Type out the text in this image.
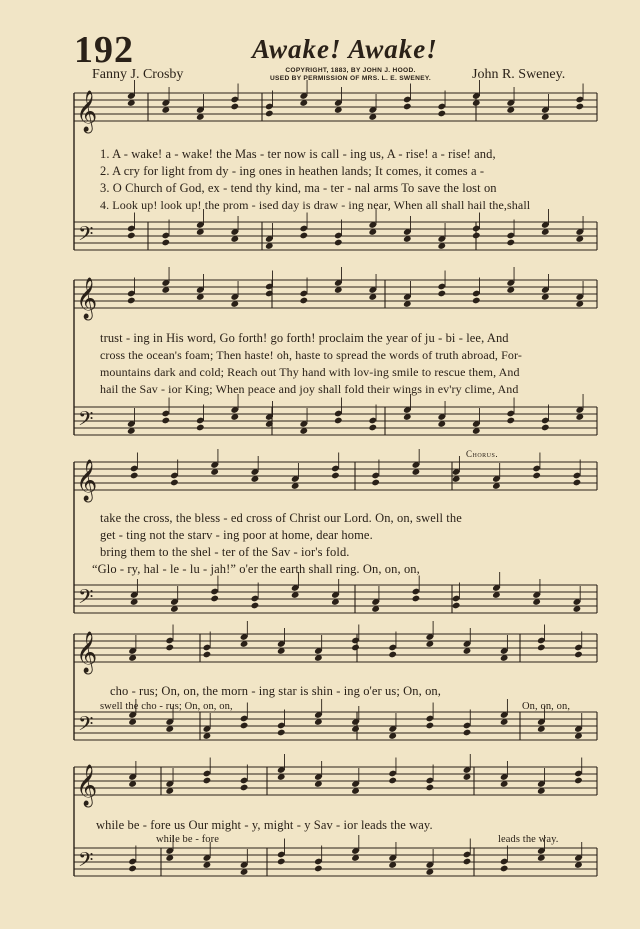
𝄞
𝄢
𝄞
𝄢
𝄞
𝄢
𝄞
𝄢
𝄞
𝄢
192	Awake! Awake!
Fanny J. Crosby	COPYRIGHT, 1883, BY JOHN J. HOOD.
USED BY PERMISSION OF MRS. L. E. SWENEY.	John R. Sweney.
1. A - wake! a - wake! the Mas - ter now is call - ing us, A - rise! a - rise! and,
2. A cry for light from dy - ing ones in heathen lands; It comes, it comes a -
3. O Church of God, ex - tend thy kind, ma - ter - nal arms To save the lost on
4. Look up! look up! the prom - ised day is draw - ing near, When all shall hail the,shall
trust - ing in His word, Go forth! go forth! proclaim the year of ju - bi - lee, And
cross the ocean's foam; Then haste! oh, haste to spread the words of truth abroad, For-
mountains dark and cold; Reach out Thy hand with lov-ing smile to rescue them, And
hail the Sav - ior King; When peace and joy shall fold their wings in ev'ry clime, And
Chorus.
take the cross, the bless - ed cross of Christ our Lord. On, on, swell the
get - ting not the starv - ing poor at home, dear home.
bring them to the shel - ter of the Sav - ior's fold.
“Glo - ry, hal - le - lu - jah!” o'er the earth shall ring. On, on, on,
cho - rus; On, on, the morn - ing star is shin - ing o'er us; On, on,
swell the cho - rus; On, on, on,	On, on, on,
while be - fore us Our might - y, might - y Sav - ior leads the way.
while be - fore	leads the way.
